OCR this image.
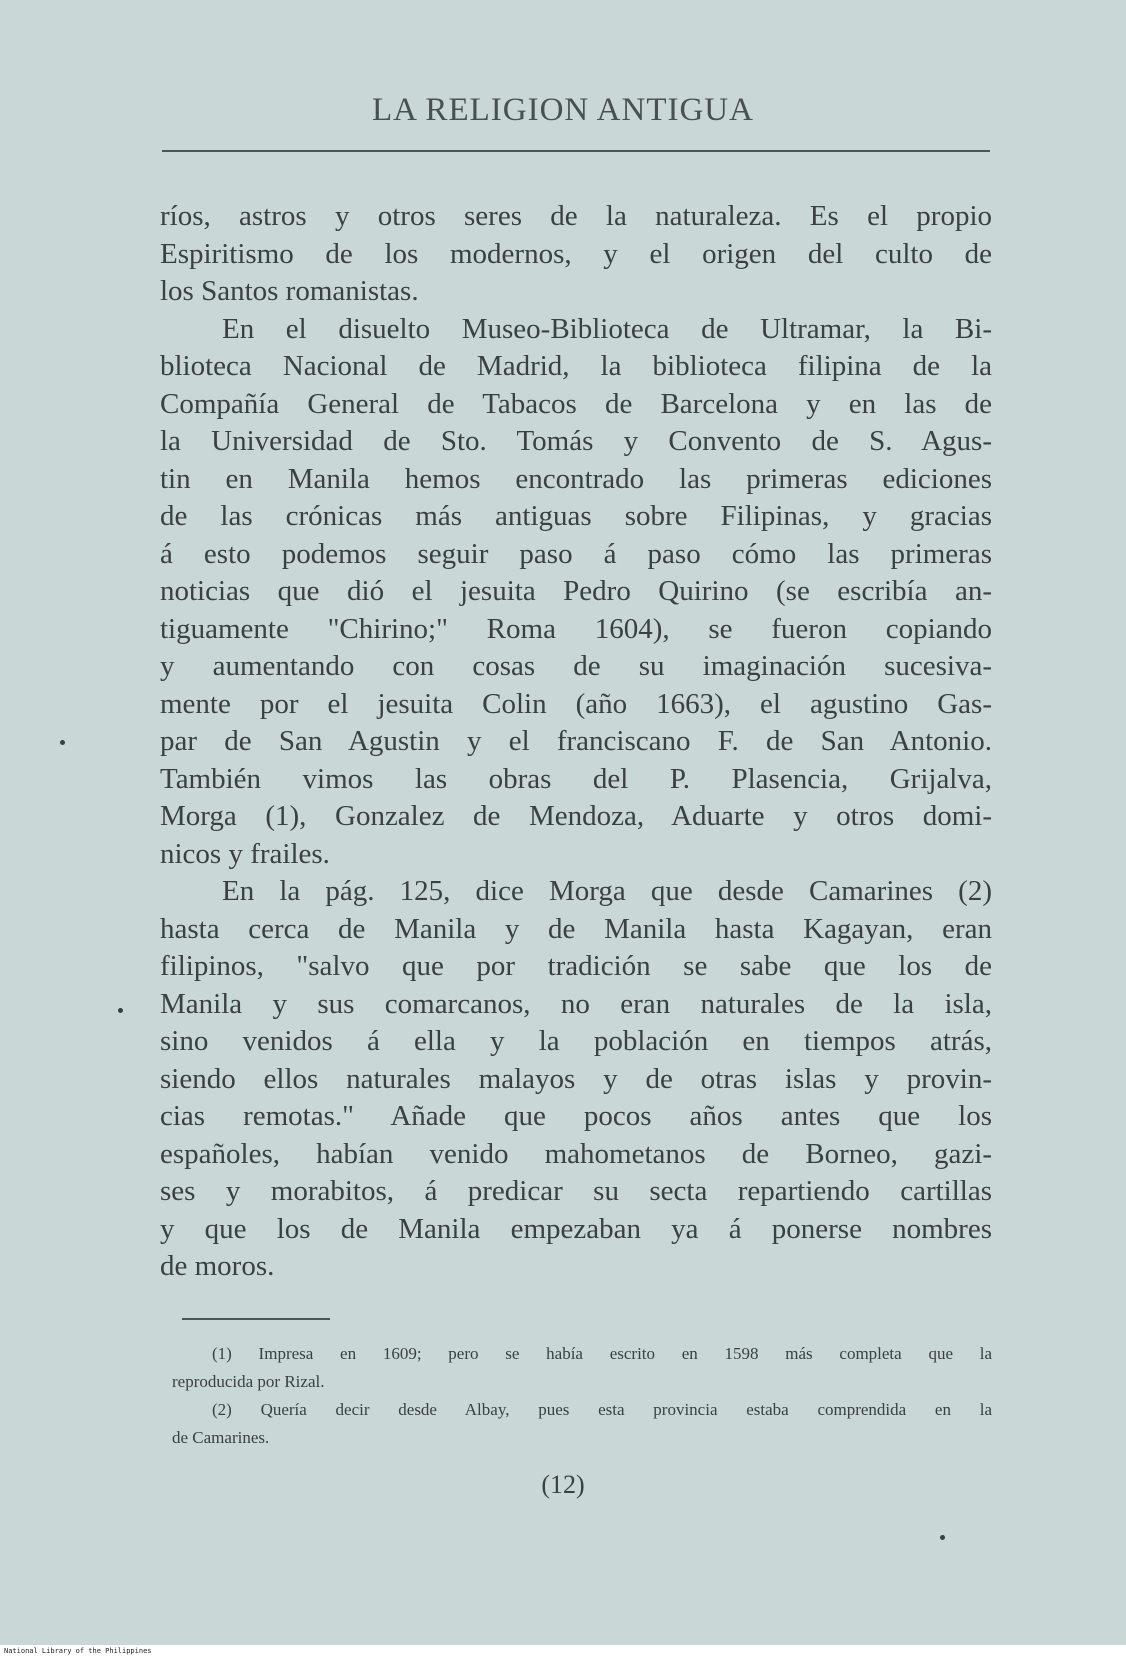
LA RELIGION ANTIGUA
ríos, astros y otros seres de la naturaleza. Es el propio
Espiritismo de los modernos, y el origen del culto de
los Santos romanistas.
En el disuelto Museo-Biblioteca de Ultramar, la Bi-
blioteca Nacional de Madrid, la biblioteca filipina de la
Compañía General de Tabacos de Barcelona y en las de
la Universidad de Sto. Tomás y Convento de S. Agus-
tin en Manila hemos encontrado las primeras ediciones
de las crónicas más antiguas sobre Filipinas, y gracias
á esto podemos seguir paso á paso cómo las primeras
noticias que dió el jesuita Pedro Quirino (se escribía an-
tiguamente "Chirino;" Roma 1604), se fueron copiando
y aumentando con cosas de su imaginación sucesiva-
mente por el jesuita Colin (año 1663), el agustino Gas-
par de San Agustin y el franciscano F. de San Antonio.
También vimos las obras del P. Plasencia, Grijalva,
Morga (1), Gonzalez de Mendoza, Aduarte y otros domi-
nicos y frailes.
En la pág. 125, dice Morga que desde Camarines (2)
hasta cerca de Manila y de Manila hasta Kagayan, eran
filipinos, "salvo que por tradición se sabe que los de
Manila y sus comarcanos, no eran naturales de la isla,
sino venidos á ella y la población en tiempos atrás,
siendo ellos naturales malayos y de otras islas y provin-
cias remotas." Añade que pocos años antes que los
españoles, habían venido mahometanos de Borneo, gazi-
ses y morabitos, á predicar su secta repartiendo cartillas
y que los de Manila empezaban ya á ponerse nombres
de moros.
(1) Impresa en 1609; pero se había escrito en 1598 más completa que la
reproducida por Rizal.
(2) Quería decir desde Albay, pues esta provincia estaba comprendida en la
de Camarines.
(12)
National Library of the Philippines
